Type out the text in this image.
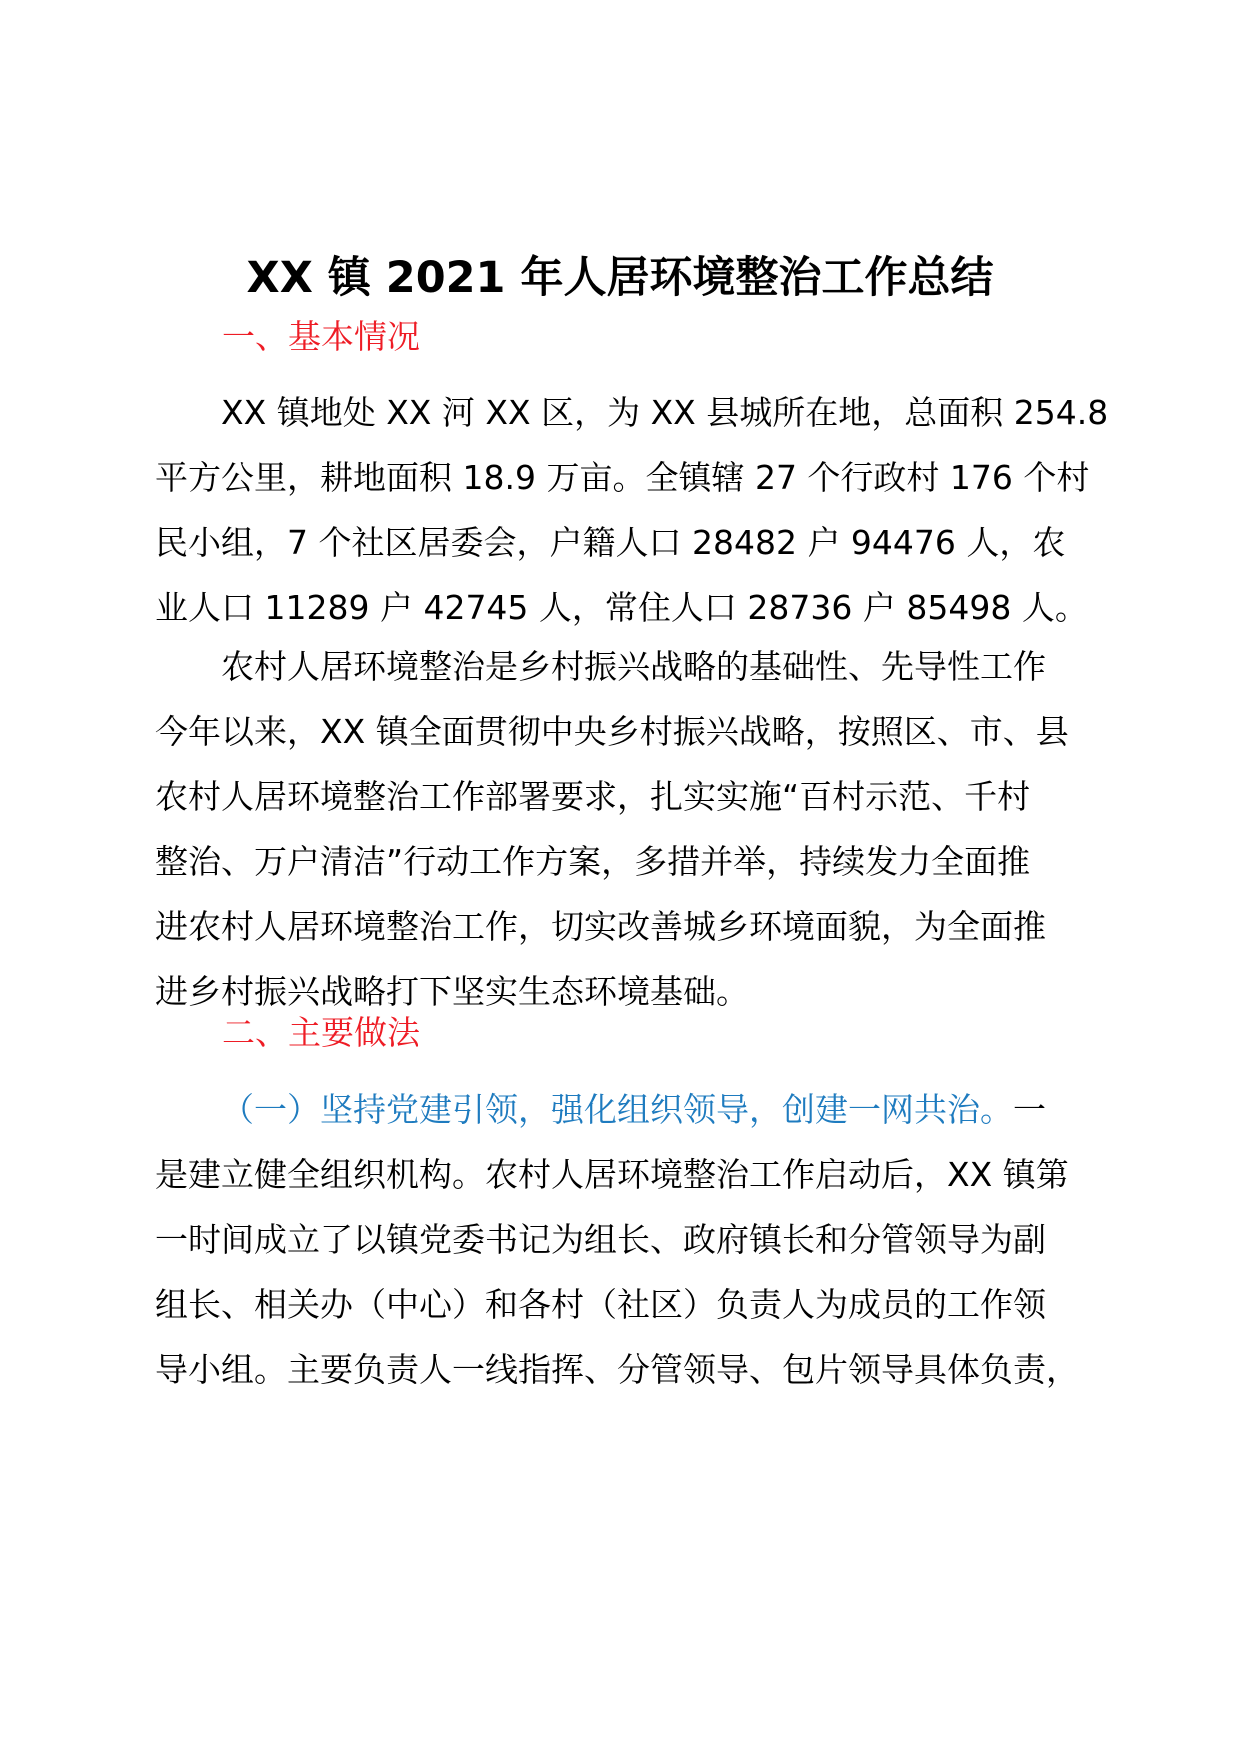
XX 镇 2021 年人居环境整治工作总结
一、基本情况
XX 镇地处 XX 河 XX 区，为 XX 县城所在地，总面积 254.8
平方公里，耕地面积 18.9 万亩。全镇辖 27 个行政村 176 个村
民小组，7 个社区居委会，户籍人口 28482 户 94476 人，农
业人口 11289 户 42745 人，常住人口 28736 户 85498 人。
农村人居环境整治是乡村振兴战略的基础性、先导性工作
今年以来，XX 镇全面贯彻中央乡村振兴战略，按照区、市、县
农村人居环境整治工作部署要求，扎实实施“百村示范、千村
整治、万户清洁”行动工作方案，多措并举，持续发力全面推
进农村人居环境整治工作，切实改善城乡环境面貌，为全面推
进乡村振兴战略打下坚实生态环境基础。
二、主要做法
（一）坚持党建引领，强化组织领导，创建一网共治。一
是建立健全组织机构。农村人居环境整治工作启动后，XX 镇第
一时间成立了以镇党委书记为组长、政府镇长和分管领导为副
组长、相关办（中心）和各村（社区）负责人为成员的工作领
导小组。主要负责人一线指挥、分管领导、包片领导具体负责，
